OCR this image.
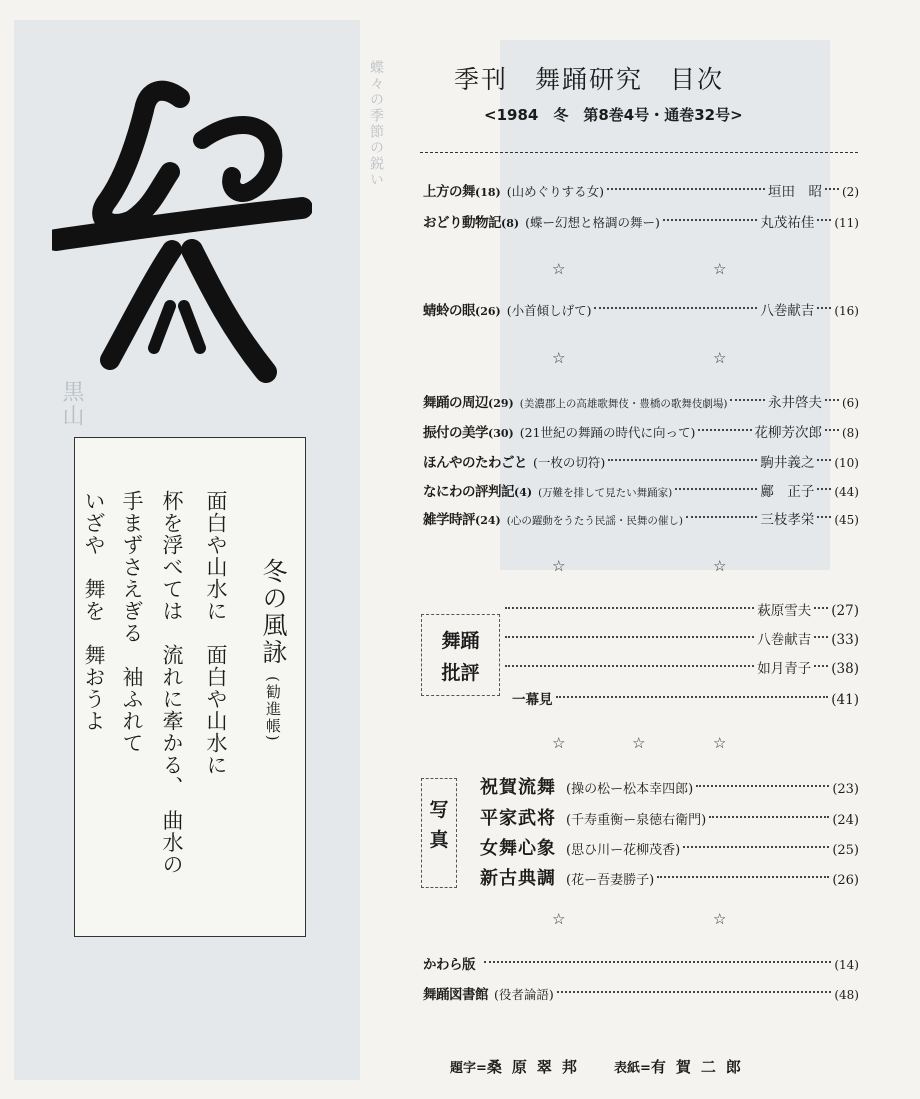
蝶々の季節の鋭い
黒山
冬の風詠 (勧進帳)
面白や山水に　面白や山水に
杯を浮べては　流れに牽かる、　曲水の
手まずさえぎる　袖ふれて
いざや　舞を　舞おうよ
季刊　舞踊研究　目次
<1984　冬　第8巻4号・通巻32号>
上方の舞 (18) (山めぐりする女)	垣田　昭 (2)
おどり動物記 (8) (蝶ー幻想と格調の舞ー)	丸茂祐佳 (11)
☆	☆
蜻蛉の眼 (26) (小首傾しげて)	八巻献吉 (16)
☆	☆
舞踊の周辺 (29) (美濃郡上の高雄歌舞伎・豊橋の歌舞伎劇場)	永井啓夫 (6)
振付の美学 (30) (21世紀の舞踊の時代に向って)	花柳芳次郎 (8)
ほんやのたわごと (一枚の切符)	駒井義之 (10)
なにわの評判記 (4) (万難を排して見たい舞踊家)	鄺　正子 (44)
雑学時評 (24) (心の躍動をうたう民謡・民舞の催し)	三枝孝栄 (45)
☆	☆
舞踊
批評
萩原雪夫 (27)
八巻献吉 (33)
如月青子 (38)
一幕見	(41)
☆	☆	☆
写真
祝賀流舞 (操の松ー松本幸四郎)	(23)
平家武将 (千寿重衡ー泉徳右衛門)	(24)
女舞心象 (思ひ川ー花柳茂香)	(25)
新古典調 (花ー吾妻勝子)	(26)
☆	☆
かわら版	(14)
舞踊図書館 (役者論語)	(48)
題字=桑原翠邦 表紙=有賀二郎
